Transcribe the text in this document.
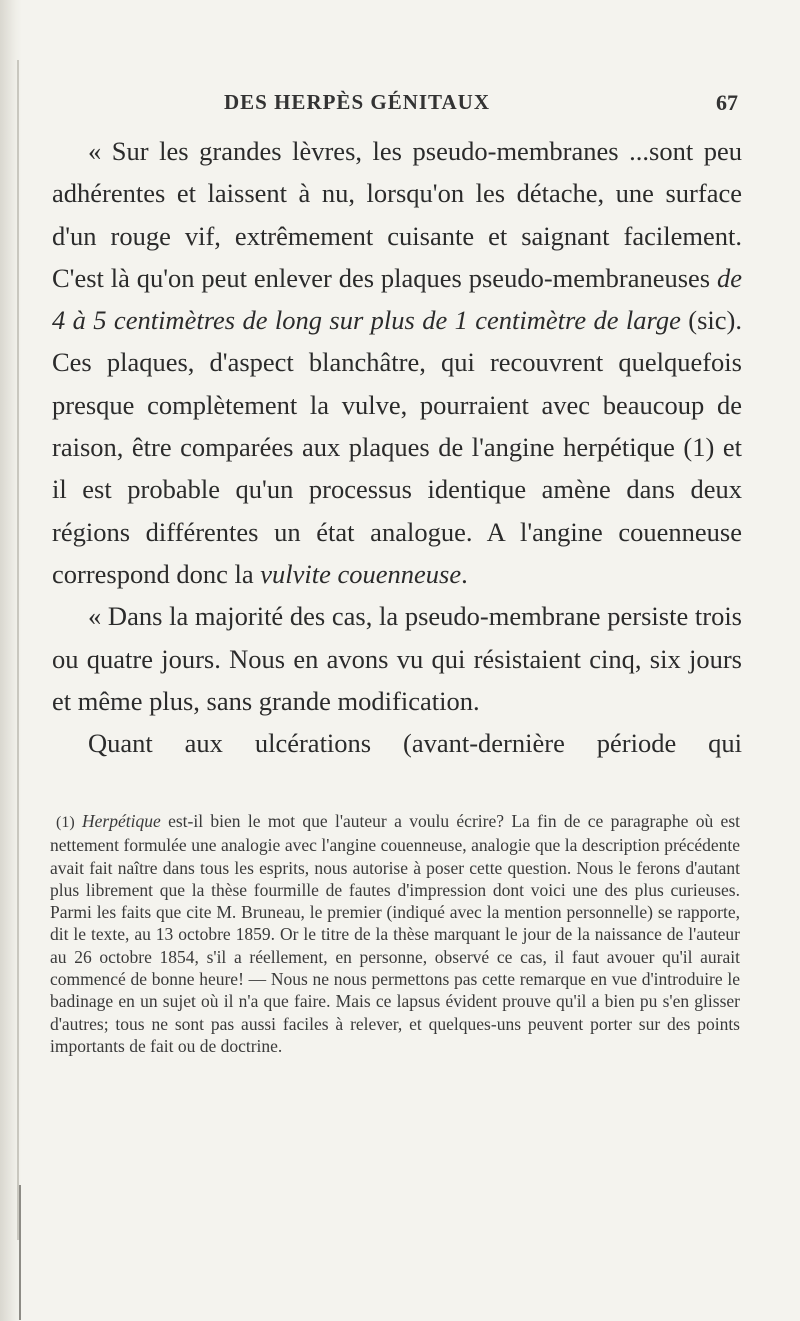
DES HERPÈS GÉNITAUX	67

« Sur les grandes lèvres, les pseudo-membranes ...sont peu adhérentes et laissent à nu, lorsqu'on les détache, une surface d'un rouge vif, extrêmement cuisante et saignant facilement. C'est là qu'on peut enlever des plaques pseudo-membraneuses de 4 à 5 centimètres de long sur plus de 1 centimètre de large (sic). Ces plaques, d'aspect blanchâtre, qui recouvrent quelquefois presque complètement la vulve, pourraient avec beaucoup de raison, être comparées aux plaques de l'angine herpétique (1) et il est probable qu'un processus identique amène dans deux régions différentes un état analogue. A l'angine couenneuse correspond donc la vulvite couenneuse.

« Dans la majorité des cas, la pseudo-membrane persiste trois ou quatre jours. Nous en avons vu qui résistaient cinq, six jours et même plus, sans grande modification.

Quant aux ulcérations (avant-dernière période qui

(1) Herpétique est-il bien le mot que l'auteur a voulu écrire? La fin de ce paragraphe où est nettement formulée une analogie avec l'angine couenneuse, analogie que la description précédente avait fait naître dans tous les esprits, nous autorise à poser cette question. Nous le ferons d'autant plus librement que la thèse fourmille de fautes d'impression dont voici une des plus curieuses. Parmi les faits que cite M. Bruneau, le premier (indiqué avec la mention personnelle) se rapporte, dit le texte, au 13 octobre 1859. Or le titre de la thèse marquant le jour de la naissance de l'auteur au 26 octobre 1854, s'il a réellement, en personne, observé ce cas, il faut avouer qu'il aurait commencé de bonne heure! — Nous ne nous permettons pas cette remarque en vue d'introduire le badinage en un sujet où il n'a que faire. Mais ce lapsus évident prouve qu'il a bien pu s'en glisser d'autres; tous ne sont pas aussi faciles à relever, et quelques-uns peuvent porter sur des points importants de fait ou de doctrine.
